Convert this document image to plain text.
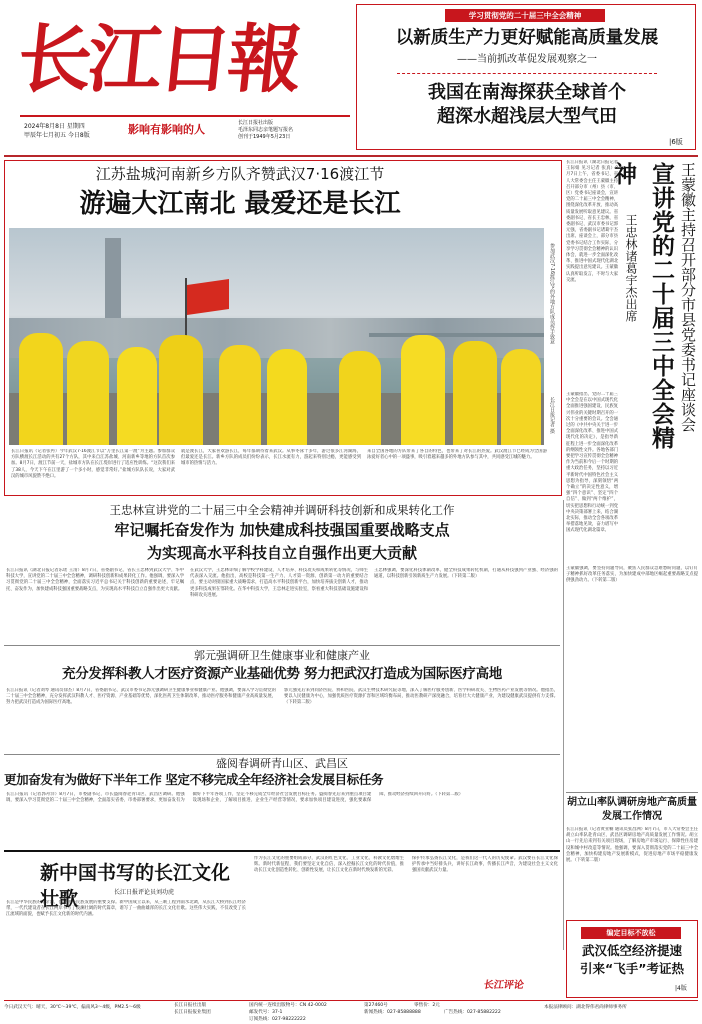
长江日報
2024年8月8日 星期四
甲辰年七月初五 今日8版	影响有影响的人	长江日报社出版
毛泽东同志亲笔题写报名
创刊于1949年5月23日
学习贯彻党的二十届三中全会精神
以新质生产力更好赋能高质量发展
——当前抓改革促发展观察之一
我国在南海探获全球首个
超深水超浅层大型气田
|6版
江苏盐城河南新乡方队齐赞武汉7·16渡江节
游遍大江南北 最爱还是长江
参加武汉7·16渡江节的外地方队成员挥手致意
长江日报记者 摄
长江日报讯（记者张冉）今年武汉7·16渡江节以“万里长江第一渡”为主题。参加群众方队横渡长江活动的共有27个方队，其中来自江苏盐城、河南新乡等地的方队首次参加。8月7日，渡江节前一天，盐城市方队在长江堤岸进行了适应性训练。“这次我们来了38人，今天下午在江里游了一个多小时，感觉非常好。”盐城方队队长说，大家对武汉的城市风貌赞不绝口。
就是渡长江，大家喜欢游长江，每年都期待着来武汉。从事冬泳十多年，游过很多江河湖海，但最爱还是长江。新乡方队的成员们纷纷表示，长江水流有力，游起来特别过瘾，更能感受到城市的热情与活力。
来自全国各地的方队带来了各自的特色，也带来了对长江的热爱。武汉渡江节已经成为全国游泳爱好者心中的一项盛事，吸引着越来越多的外地方队参与其中，共同感受江城的魅力。
宣讲党的二十届三中全会精神	王蒙徽主持召开部分市县党委书记座谈会
王忠林诸葛宇杰出席
长江日报讯（湖北日报记者王际娟 见习记者 张真）8月7日上午，省委书记、省人大常委会主任王蒙徽主持召开部分市（州）县（市、区）党委书记座谈会，宣讲党的二十届三中全会精神，围绕深化改革开放、推动高质量发展听取意见建议。省委副书记、省长王忠林，省委副书记、武汉市委书记郭元强，省委副书记诸葛宇杰出席。座谈会上，部分市县党委书记结合工作实际，分享学习贯彻全会精神的认识体会，就进一步全面深化改革、推进中国式现代化湖北实践提出意见建议。王蒙徽认真听取发言，不时与大家交流。
王蒙徽指出，党的二十届三中全会是在以中国式现代化全面推进强国建设、民族复兴伟业的关键时期召开的一次十分重要的会议。全会通过的《中共中央关于进一步全面深化改革、推进中国式现代化的决定》，是指导新征程上进一步全面深化改革的纲领性文件。各地各部门要把学习宣传贯彻全会精神作为当前和今后一个时期的重大政治任务，坚持以习近平新时代中国特色社会主义思想为指导，深刻领悟“两个确立”的决定性意义，增强“四个意识”、坚定“四个自信”、做到“两个维护”，切实把思想和行动统一到党中央决策部署上来，结合湖北实际，推动全会各项改革举措落地见效，奋力谱写中国式现代化湖北篇章。
王蒙徽强调，要坚持问题导向，聚焦人民群众急难愁盼问题，以钉钉子精神抓好改革任务落实，为加快建成中部地区崛起重要战略支点提供强劲动力。（下转第二版）
王忠林宣讲党的二十届三中全会精神并调研科技创新和成果转化工作
牢记嘱托奋发作为 加快建成科技强国重要战略支点
为实现高水平科技自立自强作出更大贡献
长江日报讯（湖北日报记者乐瑶 王清）8月7日，省委副书记、省长王忠林到武汉大学、华中科技大学，宣讲党的二十届三中全会精神，调研科技创新和成果转化工作。他强调，要深入学习贯彻党的二十届三中全会精神，全面落实习近平总书记关于科技创新的重要论述，牢记嘱托、奋发作为，加快建成科技强国重要战略支点，为实现高水平科技自立自强作出更大贡献。
在武汉大学，王忠林详细了解学校学科建设、人才培养、科技攻关和成果转化等情况，与师生代表深入交流。他指出，高校是科技第一生产力、人才第一资源、创新第一动力的重要结合点，要主动对接国家重大战略需求，打造高水平科技创新平台，加快培养拔尖创新人才，推动更多科技成果在鄂转化。在华中科技大学，王忠林走进实验室，察看重大科技基础设施建设和科研攻关进展。
王忠林强调，要深化科技体制改革，健全科技成果转化机制，打通从科技强到产业强、经济强的通道，以科技创新引领新质生产力发展。（下转第二版）
郭元强调研卫生健康事业和健康产业
充分发挥科教人才医疗资源产业基础优势 努力把武汉打造成为国际医疗高地
长江日报讯（记者刘琴 通讯员徐杰）8月7日，省委副书记、武汉市委书记郭元强调研卫生健康事业和健康产业。他强调，要深入学习贯彻党的二十届三中全会精神，充分发挥武汉科教人才、医疗资源、产业基础等优势，深化医药卫生体制改革，推动医疗服务和健康产业高质量发展，努力把武汉打造成为国际医疗高地。
郭元强先后来到同济医院、协和医院、武汉生物技术研究院等地，深入了解医疗服务创新、医学科研攻关、生物医药产业发展等情况。他指出，要以人民健康为中心，加强优质医疗资源扩容和区域均衡布局，推动医教研产深度融合，培育壮大大健康产业，为建设健康武汉提供有力支撑。（下转第二版）
盛阅春调研青山区、武昌区
更加奋发有为做好下半年工作 坚定不移完成全年经济社会发展目标任务
长江日报讯（记者郭舟洋）8月7日，市委副书记、市长盛阅春赴青山区、武昌区调研。他强调，要深入学习贯彻党的二十届三中全会精神，全面落实省委、市委部署要求，更加奋发有为做好下半年各项工作，坚定不移完成全年经济社会发展目标任务。盛阅春先后来到重点项目建设现场和企业，了解项目推进、企业生产经营等情况，要求加快项目建设进度，强化要素保障，推动经济持续回升向好。（下转第二版）
新中国书写的长江文化壮歌	长江日报评论员刘功虎
长江是中华民族的母亲河，也是中华民族发展的重要支撑。新中国成立以来，从三峡工程到南水北调，从长江大桥到长江经济带，一代代建设者在长江两岸书写了波澜壮阔的时代篇章，谱写了一曲曲雄浑的长江文化壮歌。这些伟大实践，不仅改变了长江流域的面貌，也赋予长江文化新的时代内涵。
作为长江文化的重要组成部分，武汉的红色文化、工业文化、科教文化熠熠生辉。新时代新征程，我们要坚定文化自信，深入挖掘长江文化的时代价值，推动长江文化创造性转化、创新性发展，让长江文化在新时代焕发新的光彩。
保护传承弘扬长江文化，是我们这一代人的历史使命。武汉要在长江文化保护传承中当好排头兵，讲好长江故事，传播长江声音，为建设社会主义文化强国贡献武汉力量。
长江评论
胡立山率队调研房地产高质量发展工作情况
长江日报讯（记者黄亚楠 通讯员张昌洲）8月7日，市人大常委会主任胡立山率队赴青山区、武昌区调研房地产高质量发展工作情况。胡立山一行先后来到有关项目现场，了解房地产市场运行、保障性住房建设和城中村改造等情况。他强调，要深入贯彻落实党的二十届三中全会精神，加快构建房地产发展新模式，促进房地产市场平稳健康发展。（下转第二版）
编定目标不放松
武汉低空经济提速
引来“飞手”考证热
|4版
今日武汉天气：晴天，30℃～39℃，偏南风3～4级，PM2.5～6级	长江日报社出版
长江日报报业集团
国内统一连续出版物号：CN 42-0002
邮发代号：37-1
第27460号	零售价：2元
订阅热线：027-98222222
新闻热线：027-85888888	广告热线：027-85882222
本报法律顾问：湖北得伟君尚律师事务所
